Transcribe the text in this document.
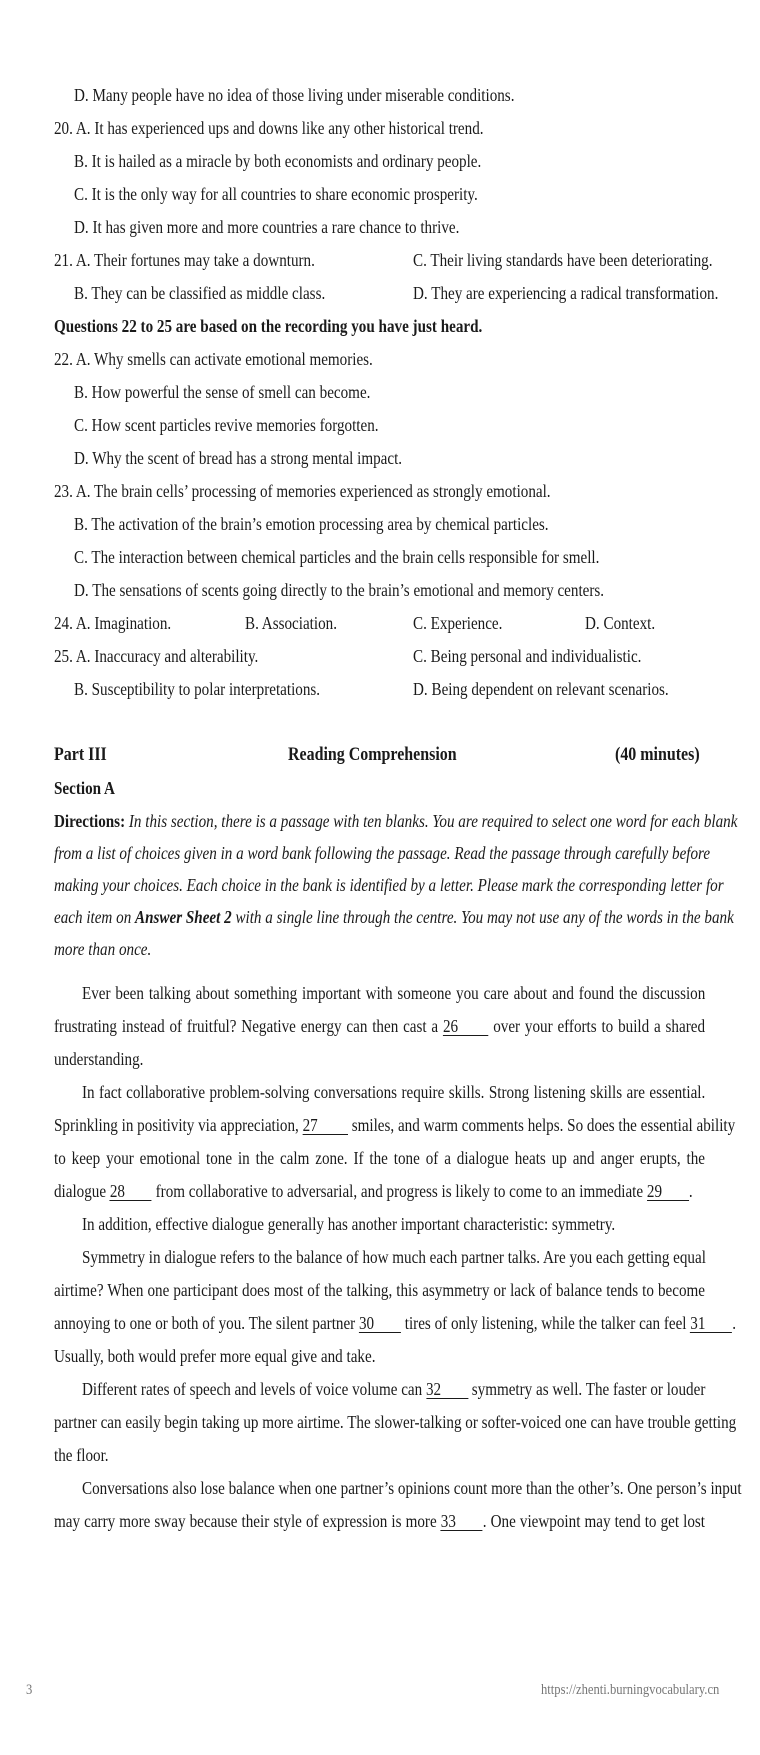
D. Many people have no idea of those living under miserable conditions.
20. A. It has experienced ups and downs like any other historical trend.
B. It is hailed as a miracle by both economists and ordinary people.
C. It is the only way for all countries to share economic prosperity.
D. It has given more and more countries a rare chance to thrive.
21. A. Their fortunes may take a downturn.	C. Their living standards have been deteriorating.
B. They can be classified as middle class.	D. They are experiencing a radical transformation.
Questions 22 to 25 are based on the recording you have just heard.
22. A. Why smells can activate emotional memories.
B. How powerful the sense of smell can become.
C. How scent particles revive memories forgotten.
D. Why the scent of bread has a strong mental impact.
23. A. The brain cells’ processing of memories experienced as strongly emotional.
B. The activation of the brain’s emotion processing area by chemical particles.
C. The interaction between chemical particles and the brain cells responsible for smell.
D. The sensations of scents going directly to the brain’s emotional and memory centers.
24. A. Imagination.	B. Association.	C. Experience.	D. Context.
25. A. Inaccuracy and alterability.	C. Being personal and individualistic.
B. Susceptibility to polar interpretations.	D. Being dependent on relevant scenarios.
Part III	Reading Comprehension	(40 minutes)
Section A
Directions: In this section, there is a passage with ten blanks. You are required to select one word for each blank
from a list of choices given in a word bank following the passage. Read the passage through carefully before
making your choices. Each choice in the bank is identified by a letter. Please mark the corresponding letter for
each item on Answer Sheet 2 with a single line through the centre. You may not use any of the words in the bank
more than once.
Ever been talking about something important with someone you care about and found the discussion
frustrating instead of fruitful? Negative energy can then cast a 26 over your efforts to build a shared
understanding.
In fact collaborative problem-solving conversations require skills. Strong listening skills are essential.
Sprinkling in positivity via appreciation, 27 smiles, and warm comments helps. So does the essential ability
to keep your emotional tone in the calm zone. If the tone of a dialogue heats up and anger erupts, the
dialogue 28 from collaborative to adversarial, and progress is likely to come to an immediate 29 .
In addition, effective dialogue generally has another important characteristic: symmetry.
Symmetry in dialogue refers to the balance of how much each partner talks. Are you each getting equal
airtime? When one participant does most of the talking, this asymmetry or lack of balance tends to become
annoying to one or both of you. The silent partner 30 tires of only listening, while the talker can feel 31 .
Usually, both would prefer more equal give and take.
Different rates of speech and levels of voice volume can 32 symmetry as well. The faster or louder
partner can easily begin taking up more airtime. The slower-talking or softer-voiced one can have trouble getting
the floor.
Conversations also lose balance when one partner’s opinions count more than the other’s. One person’s input
may carry more sway because their style of expression is more 33 . One viewpoint may tend to get lost
3	https://zhenti.burningvocabulary.cn
